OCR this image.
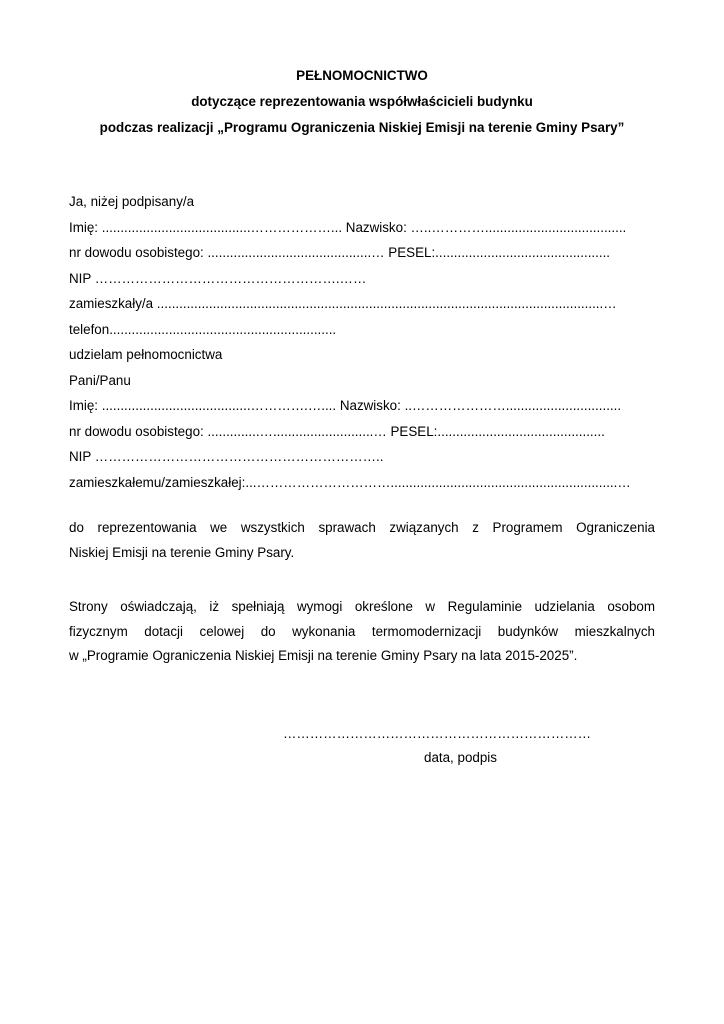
PEŁNOMOCNICTWO
dotyczące reprezentowania współwłaścicieli budynku
podczas realizacji „Programu Ograniczenia Niskiej Emisji na terenie Gminy Psary”
Ja, niżej podpisany/a
Imię: ........................................………………... Nazwisko: …..…………......................................
nr dowodu osobistego: ............................................… PESEL:...............................................
NIP ……………………………………………….……
zamieszkały/a ........................................................................................................................…
telefon.............................................................
udzielam pełnomocnictwa
Pani/Panu
Imię: ........................................………….….... Nazwisko: ..…………………...............................
nr dowodu osobistego: ..............…...........................… PESEL:.............................................
NIP ………………………………………………………..
zamieszkałemu/zamieszkałej:...………………………….............................................................…
do reprezentowania we wszystkich sprawach związanych z Programem Ograniczenia
Niskiej Emisji na terenie Gminy Psary.
Strony oświadczają, iż spełniają wymogi określone w Regulaminie udzielania osobom
fizycznym dotacji celowej do wykonania termomodernizacji budynków mieszkalnych
w „Programie Ograniczenia Niskiej Emisji na terenie Gminy Psary na lata 2015-2025”.
……………………………………………………………
data, podpis
